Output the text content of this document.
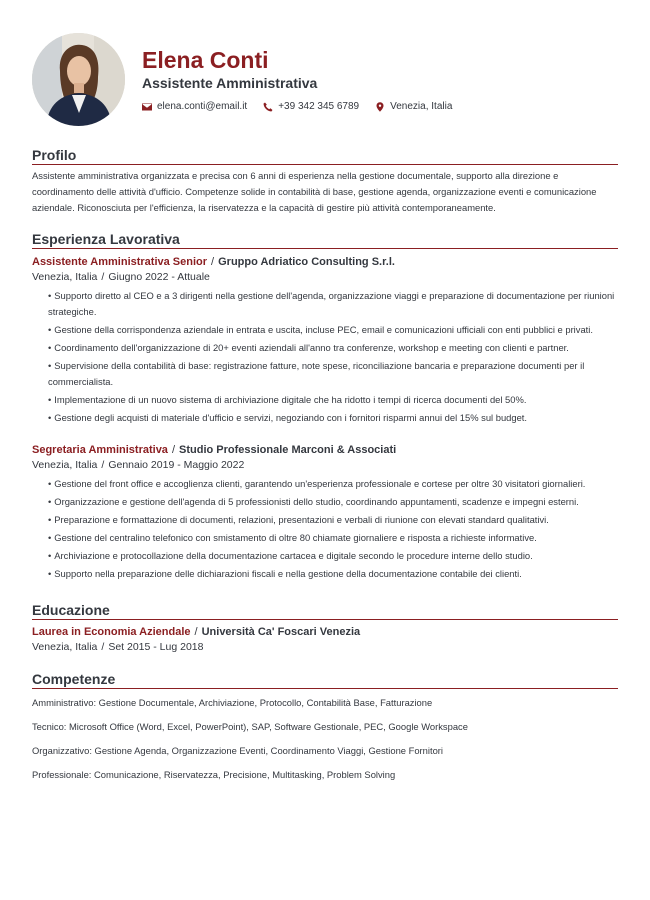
Elena Conti
Assistente Amministrativa
elena.conti@email.it	+39 342 345 6789	Venezia, Italia
Profilo
Assistente amministrativa organizzata e precisa con 6 anni di esperienza nella gestione documentale, supporto alla direzione e coordinamento delle attività d'ufficio. Competenze solide in contabilità di base, gestione agenda, organizzazione eventi e comunicazione aziendale. Riconosciuta per l'efficienza, la riservatezza e la capacità di gestire più attività contemporaneamente.
Esperienza Lavorativa
Assistente Amministrativa Senior / Gruppo Adriatico Consulting S.r.l.
Venezia, Italia / Giugno 2022 - Attuale
• Supporto diretto al CEO e a 3 dirigenti nella gestione dell'agenda, organizzazione viaggi e preparazione di documentazione per riunioni strategiche.
• Gestione della corrispondenza aziendale in entrata e uscita, incluse PEC, email e comunicazioni ufficiali con enti pubblici e privati.
• Coordinamento dell'organizzazione di 20+ eventi aziendali all'anno tra conferenze, workshop e meeting con clienti e partner.
• Supervisione della contabilità di base: registrazione fatture, note spese, riconciliazione bancaria e preparazione documenti per il commercialista.
• Implementazione di un nuovo sistema di archiviazione digitale che ha ridotto i tempi di ricerca documenti del 50%.
• Gestione degli acquisti di materiale d'ufficio e servizi, negoziando con i fornitori risparmi annui del 15% sul budget.
Segretaria Amministrativa / Studio Professionale Marconi & Associati
Venezia, Italia / Gennaio 2019 - Maggio 2022
• Gestione del front office e accoglienza clienti, garantendo un'esperienza professionale e cortese per oltre 30 visitatori giornalieri.
• Organizzazione e gestione dell'agenda di 5 professionisti dello studio, coordinando appuntamenti, scadenze e impegni esterni.
• Preparazione e formattazione di documenti, relazioni, presentazioni e verbali di riunione con elevati standard qualitativi.
• Gestione del centralino telefonico con smistamento di oltre 80 chiamate giornaliere e risposta a richieste informative.
• Archiviazione e protocollazione della documentazione cartacea e digitale secondo le procedure interne dello studio.
• Supporto nella preparazione delle dichiarazioni fiscali e nella gestione della documentazione contabile dei clienti.
Educazione
Laurea in Economia Aziendale / Università Ca' Foscari Venezia
Venezia, Italia / Set 2015 - Lug 2018
Competenze

Amministrativo: Gestione Documentale, Archiviazione, Protocollo, Contabilità Base, Fatturazione

Tecnico: Microsoft Office (Word, Excel, PowerPoint), SAP, Software Gestionale, PEC, Google Workspace

Organizzativo: Gestione Agenda, Organizzazione Eventi, Coordinamento Viaggi, Gestione Fornitori

Professionale: Comunicazione, Riservatezza, Precisione, Multitasking, Problem Solving
